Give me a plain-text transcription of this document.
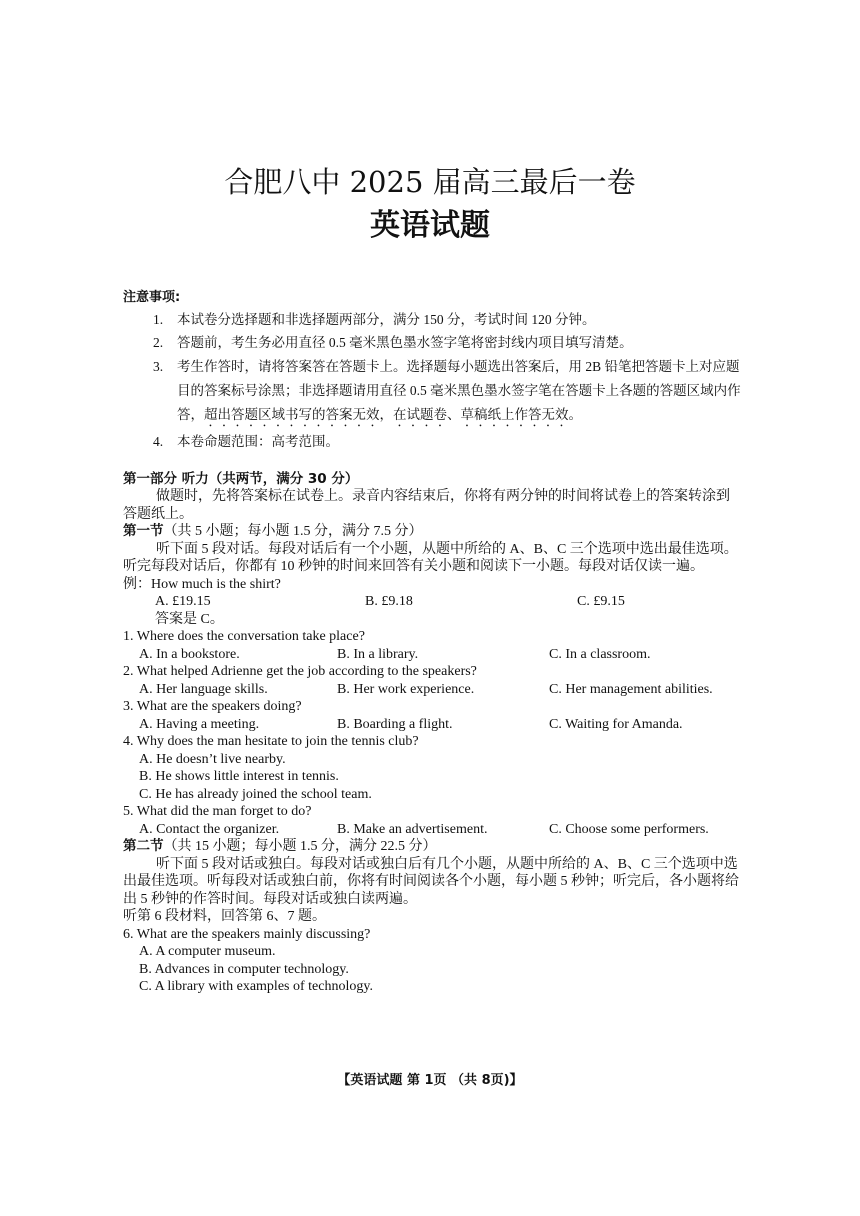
合肥八中 2025 届高三最后一卷
英语试题
注意事项:
1. 本试卷分选择题和非选择题两部分，满分 150 分，考试时间 120 分钟。
2. 答题前，考生务必用直径 0.5 毫米黑色墨水签字笔将密封线内项目填写清楚。
3. 考生作答时，请将答案答在答题卡上。选择题每小题选出答案后，用 2B 铅笔把答题卡上对应题目的答案标号涂黑；非选择题请用直径 0.5 毫米黑色墨水签字笔在答题卡上各题的答题区域内作答，超出答题区域书写的答案无效，在试题卷、草稿纸上作答无效。
4. 本卷命题范围：高考范围。
第一部分 听力（共两节，满分 30 分）
做题时，先将答案标在试卷上。录音内容结束后，你将有两分钟的时间将试卷上的答案转涂到答题纸上。
第一节（共 5 小题；每小题 1.5 分，满分 7.5 分）
听下面 5 段对话。每段对话后有一个小题，从题中所给的 A、B、C 三个选项中选出最佳选项。听完每段对话后，你都有 10 秒钟的时间来回答有关小题和阅读下一小题。每段对话仅读一遍。
例：How much is the shirt?
A. £19.15	B. £9.18	C. £9.15
答案是 C。
1. Where does the conversation take place?
A. In a bookstore.	B. In a library.	C. In a classroom.
2. What helped Adrienne get the job according to the speakers?
A. Her language skills.	B. Her work experience.	C. Her management abilities.
3. What are the speakers doing?
A. Having a meeting.	B. Boarding a flight.	C. Waiting for Amanda.
4. Why does the man hesitate to join the tennis club?
A. He doesn’t live nearby.
B. He shows little interest in tennis.
C. He has already joined the school team.
5. What did the man forget to do?
A. Contact the organizer.	B. Make an advertisement.	C. Choose some performers.
第二节（共 15 小题；每小题 1.5 分，满分 22.5 分）
听下面 5 段对话或独白。每段对话或独白后有几个小题，从题中所给的 A、B、C 三个选项中选出最佳选项。听每段对话或独白前，你将有时间阅读各个小题，每小题 5 秒钟；听完后，各小题将给出 5 秒钟的作答时间。每段对话或独白读两遍。
听第 6 段材料，回答第 6、7 题。
6. What are the speakers mainly discussing?
A. A computer museum.
B. Advances in computer technology.
C. A library with examples of technology.
【英语试题 第 1页 （共 8页)】
